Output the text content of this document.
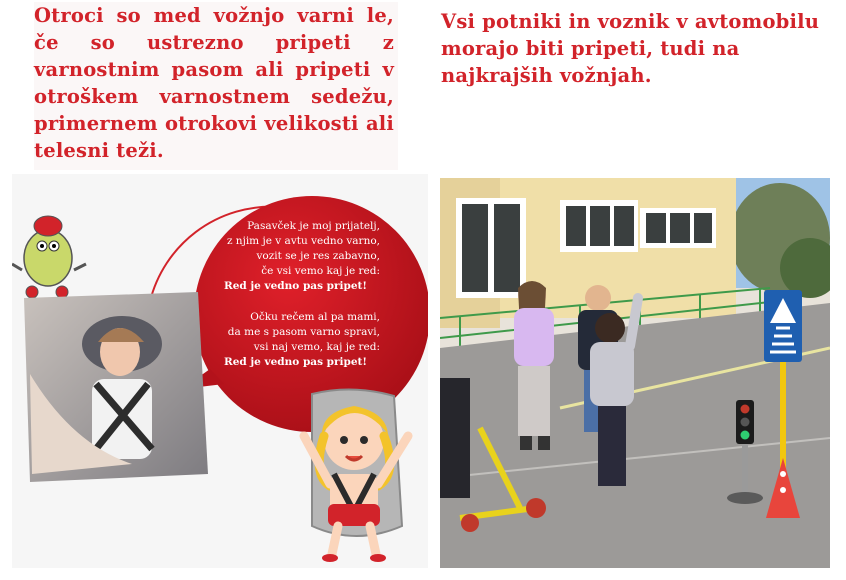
Otroci so med vožnjo varni le, če so ustrezno pripeti z varnostnim pasom ali pripeti v otroškem varnostnem sedežu, primernem otrokovi velikosti ali telesni teži.

Vsi potniki in voznik v avtomobilu morajo biti pripeti, tudi na najkrajših vožnjah.

Pasavček je moj prijatelj,
z njim je v avtu vedno varno,
vozit se je res zabavno,
če vsi vemo kaj je red:
Red je vedno pas pripet!
Očku rečem al pa mami,
da me s pasom varno spravi,
vsi naj vemo, kaj je red:
Red je vedno pas pripet!
